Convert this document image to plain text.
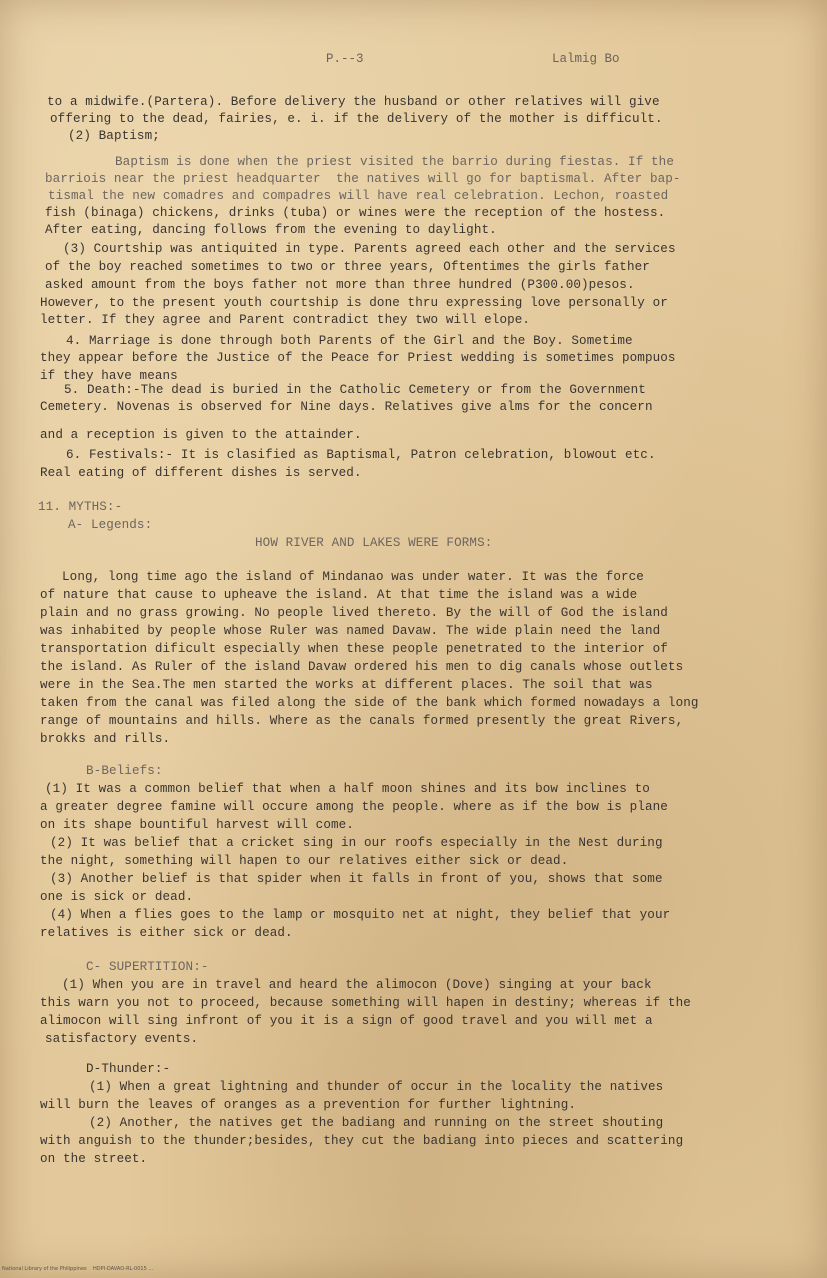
P.--3	Lalmig Bo
to a midwife.(Partera). Before delivery the husband or other relatives will give
offering to the dead, fairies, e. i. if the delivery of the mother is difficult.
(2) Baptism;
Baptism is done when the priest visited the barrio during fiestas. If the
barriois near the priest headquarter  the natives will go for baptismal. After bap-
tismal the new comadres and compadres will have real celebration. Lechon, roasted
fish (binaga) chickens, drinks (tuba) or wines were the reception of the hostess.
After eating, dancing follows from the evening to daylight.
(3) Courtship was antiquited in type. Parents agreed each other and the services
of the boy reached sometimes to two or three years, Oftentimes the girls father
asked amount from the boys father not more than three hundred (P300.00)pesos.
However, to the present youth courtship is done thru expressing love personally or
letter. If they agree and Parent contradict they two will elope.
4. Marriage is done through both Parents of the Girl and the Boy. Sometime
they appear before the Justice of the Peace for Priest wedding is sometimes pompuos
if they have means
5. Death:-The dead is buried in the Catholic Cemetery or from the Government
Cemetery. Novenas is observed for Nine days. Relatives give alms for the concern
and a reception is given to the attainder.
6. Festivals:- It is clasified as Baptismal, Patron celebration, blowout etc.
Real eating of different dishes is served.
11. MYTHS:-
A- Legends:
HOW RIVER AND LAKES WERE FORMS:
Long, long time ago the island of Mindanao was under water. It was the force
of nature that cause to upheave the island. At that time the island was a wide
plain and no grass growing. No people lived thereto. By the will of God the island
was inhabited by people whose Ruler was named Davaw. The wide plain need the land
transportation dificult especially when these people penetrated to the interior of
the island. As Ruler of the island Davaw ordered his men to dig canals whose outlets
were in the Sea.The men started the works at different places. The soil that was
taken from the canal was filed along the side of the bank which formed nowadays a long
range of mountains and hills. Where as the canals formed presently the great Rivers,
brokks and rills.
B-Beliefs:
(1) It was a common belief that when a half moon shines and its bow inclines to
a greater degree famine will occure among the people. where as if the bow is plane
on its shape bountiful harvest will come.
(2) It was belief that a cricket sing in our roofs especially in the Nest during
the night, something will hapen to our relatives either sick or dead.
(3) Another belief is that spider when it falls in front of you, shows that some
one is sick or dead.
(4) When a flies goes to the lamp or mosquito net at night, they belief that your
relatives is either sick or dead.
C- SUPERTITION:-
(1) When you are in travel and heard the alimocon (Dove) singing at your back
this warn you not to proceed, because something will hapen in destiny; whereas if the
alimocon will sing infront of you it is a sign of good travel and you will met a
satisfactory events.
D-Thunder:-
(1) When a great lightning and thunder of occur in the locality the natives
will burn the leaves of oranges as a prevention for further lightning.
(2) Another, the natives get the badiang and running on the street shouting
with anguish to the thunder;besides, they cut the badiang into pieces and scattering
on the street.
National Library of the Philippines    HDPI-DAVAO-RL-0015 ...
